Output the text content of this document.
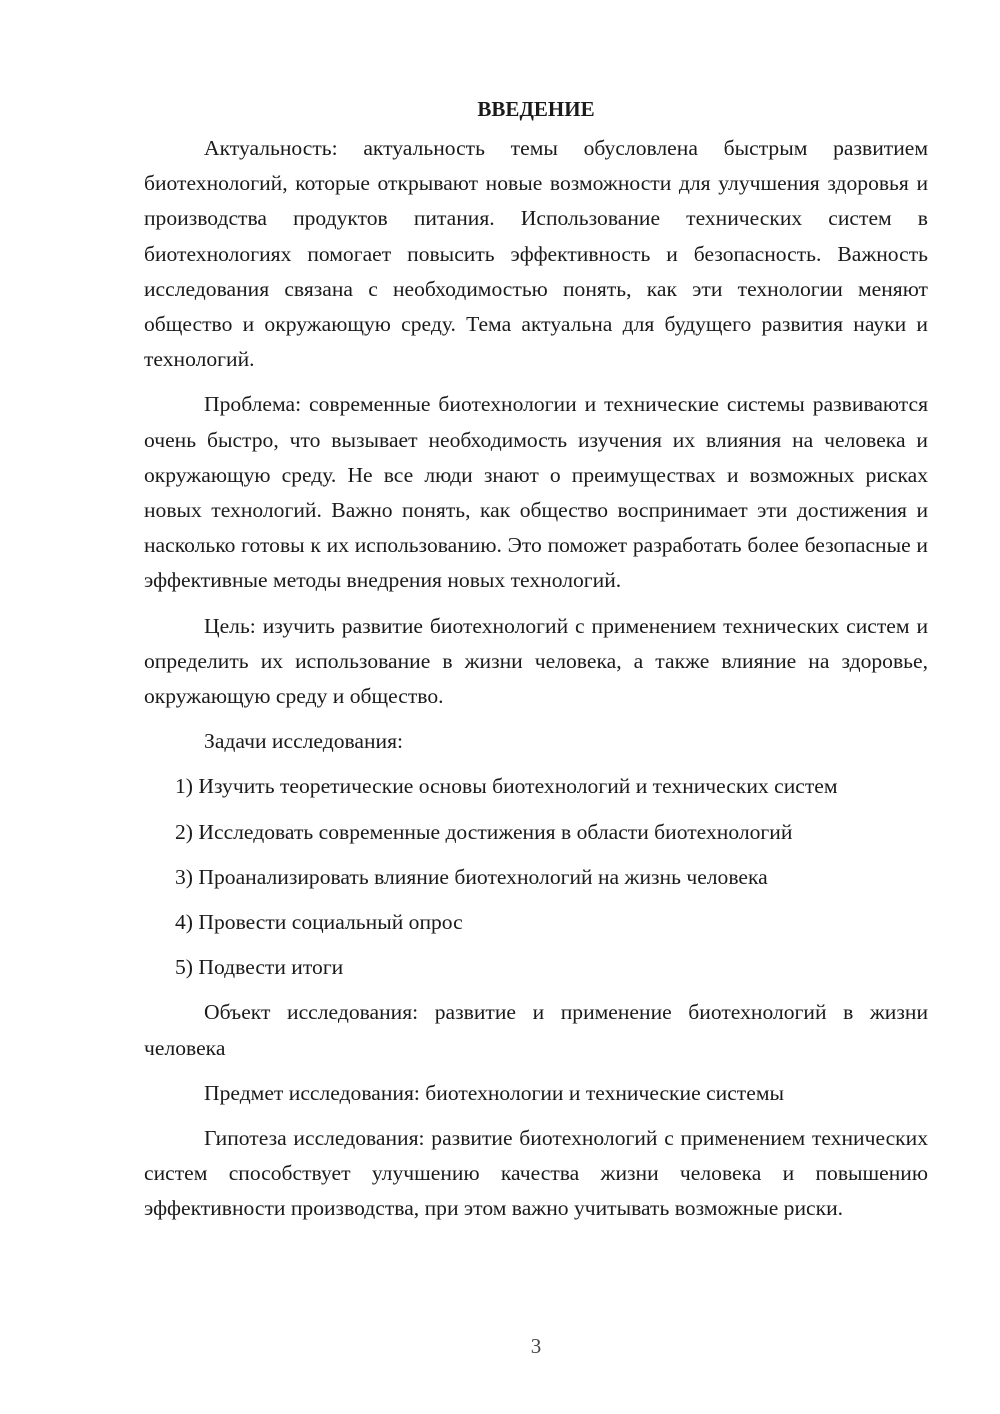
ВВЕДЕНИЕ

Актуальность: актуальность темы обусловлена быстрым развитием биотехнологий, которые открывают новые возможности для улучшения здоровья и производства продуктов питания. Использование технических систем в биотехнологиях помогает повысить эффективность и безопасность. Важность исследования связана с необходимостью понять, как эти технологии меняют общество и окружающую среду. Тема актуальна для будущего развития науки и технологий.

Проблема: современные биотехнологии и технические системы развиваются очень быстро, что вызывает необходимость изучения их влияния на человека и окружающую среду. Не все люди знают о преимуществах и возможных рисках новых технологий. Важно понять, как общество воспринимает эти достижения и насколько готовы к их использованию. Это поможет разработать более безопасные и эффективные методы внедрения новых технологий.

Цель: изучить развитие биотехнологий с применением технических систем и определить их использование в жизни человека, а также влияние на здоровье, окружающую среду и общество.

Задачи исследования:

1) Изучить теоретические основы биотехнологий и технических систем

2) Исследовать современные достижения в области биотехнологий

3) Проанализировать влияние биотехнологий на жизнь человека

4) Провести социальный опрос

5) Подвести итоги

Объект исследования: развитие и применение биотехнологий в жизни человека

Предмет исследования: биотехнологии и технические системы

Гипотеза исследования: развитие биотехнологий с применением технических систем способствует улучшению качества жизни человека и повышению эффективности производства, при этом важно учитывать возможные риски.

3
